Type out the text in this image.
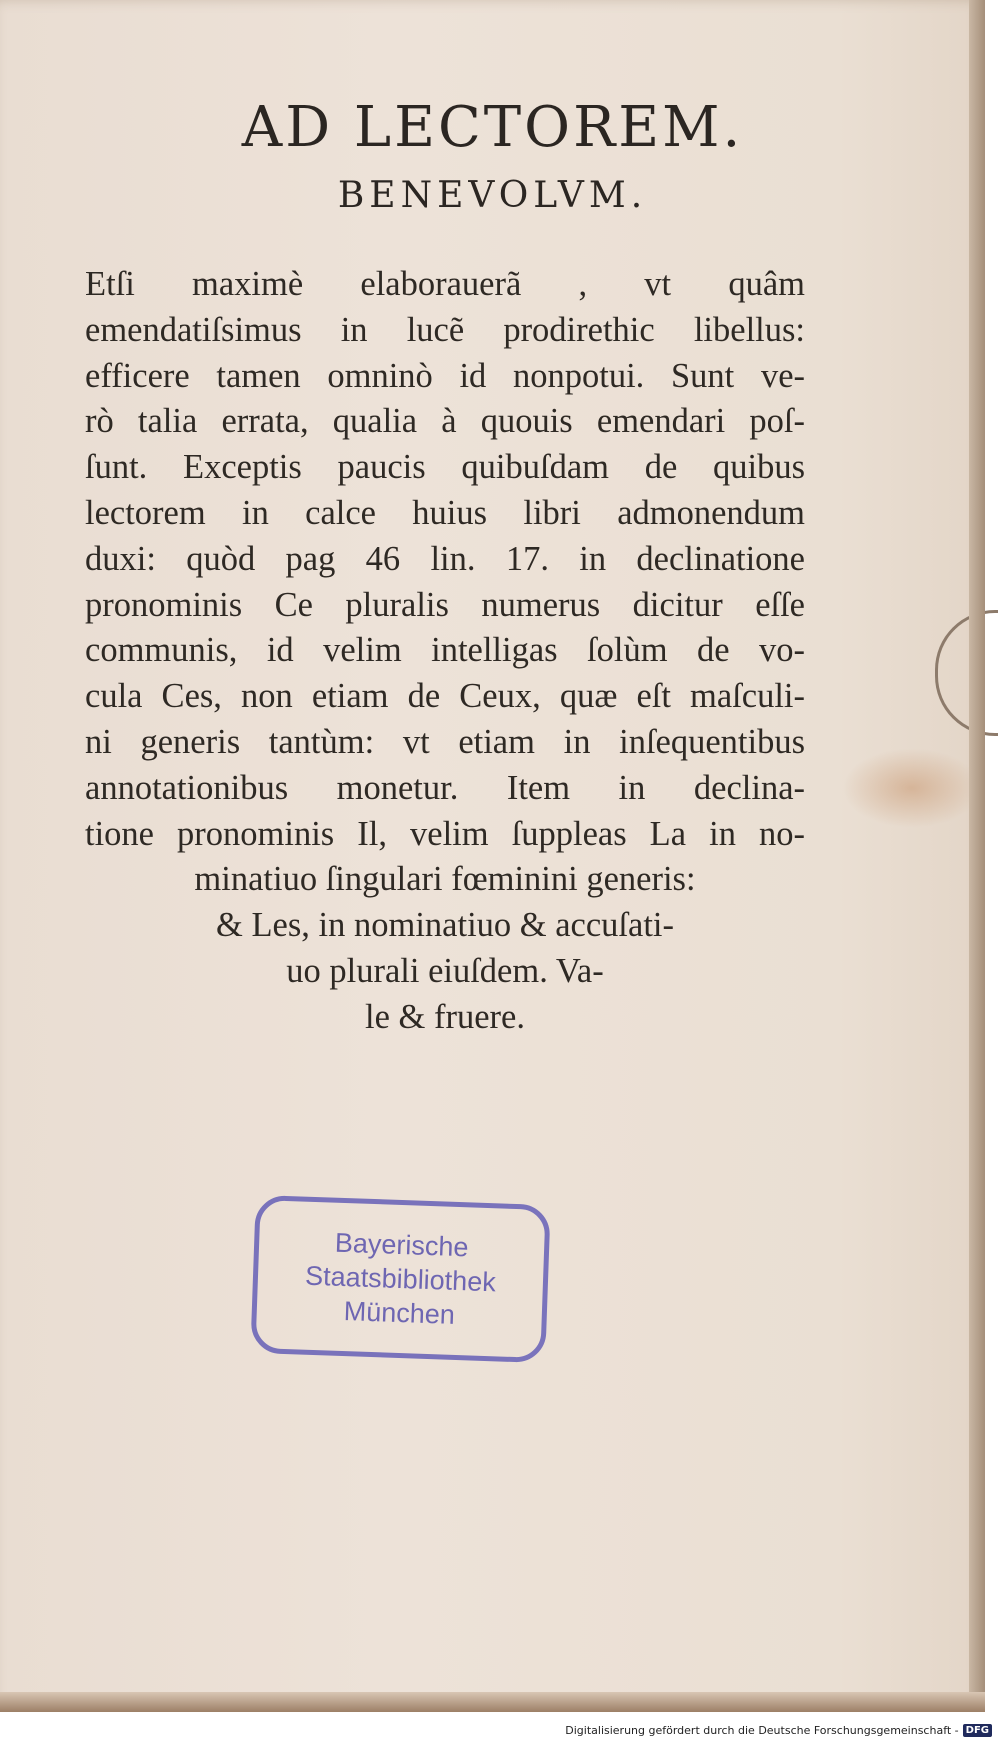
AD LECTOREM.
BENEVOLVM.
Etſi maximè elaborauerã , vt quâm
emendatiſsimus in lucẽ prodirethic libellus:
efficere tamen omninò id nonpotui. Sunt ve-
rò talia errata, qualia à quouis emendari poſ-
ſunt. Exceptis paucis quibuſdam de quibus
lectorem in calce huius libri admonendum
duxi: quòd pag 46 lin. 17. in declinatione
pronominis Ce pluralis numerus dicitur eſſe
communis, id velim intelligas ſolùm de vo-
cula Ces, non etiam de Ceux, quæ eſt maſculi-
ni generis tantùm: vt etiam in inſequentibus
annotationibus monetur. Item in declina-
tione pronominis Il, velim ſuppleas La in no-
minatiuo ſingulari fœminini generis:
& Les, in nominatiuo & accuſati-
uo plurali eiuſdem. Va-
le & fruere.
Bayerische
Staatsbibliothek
München
Digitalisierung gefördert durch die Deutsche Forschungsgemeinschaft - DFG
